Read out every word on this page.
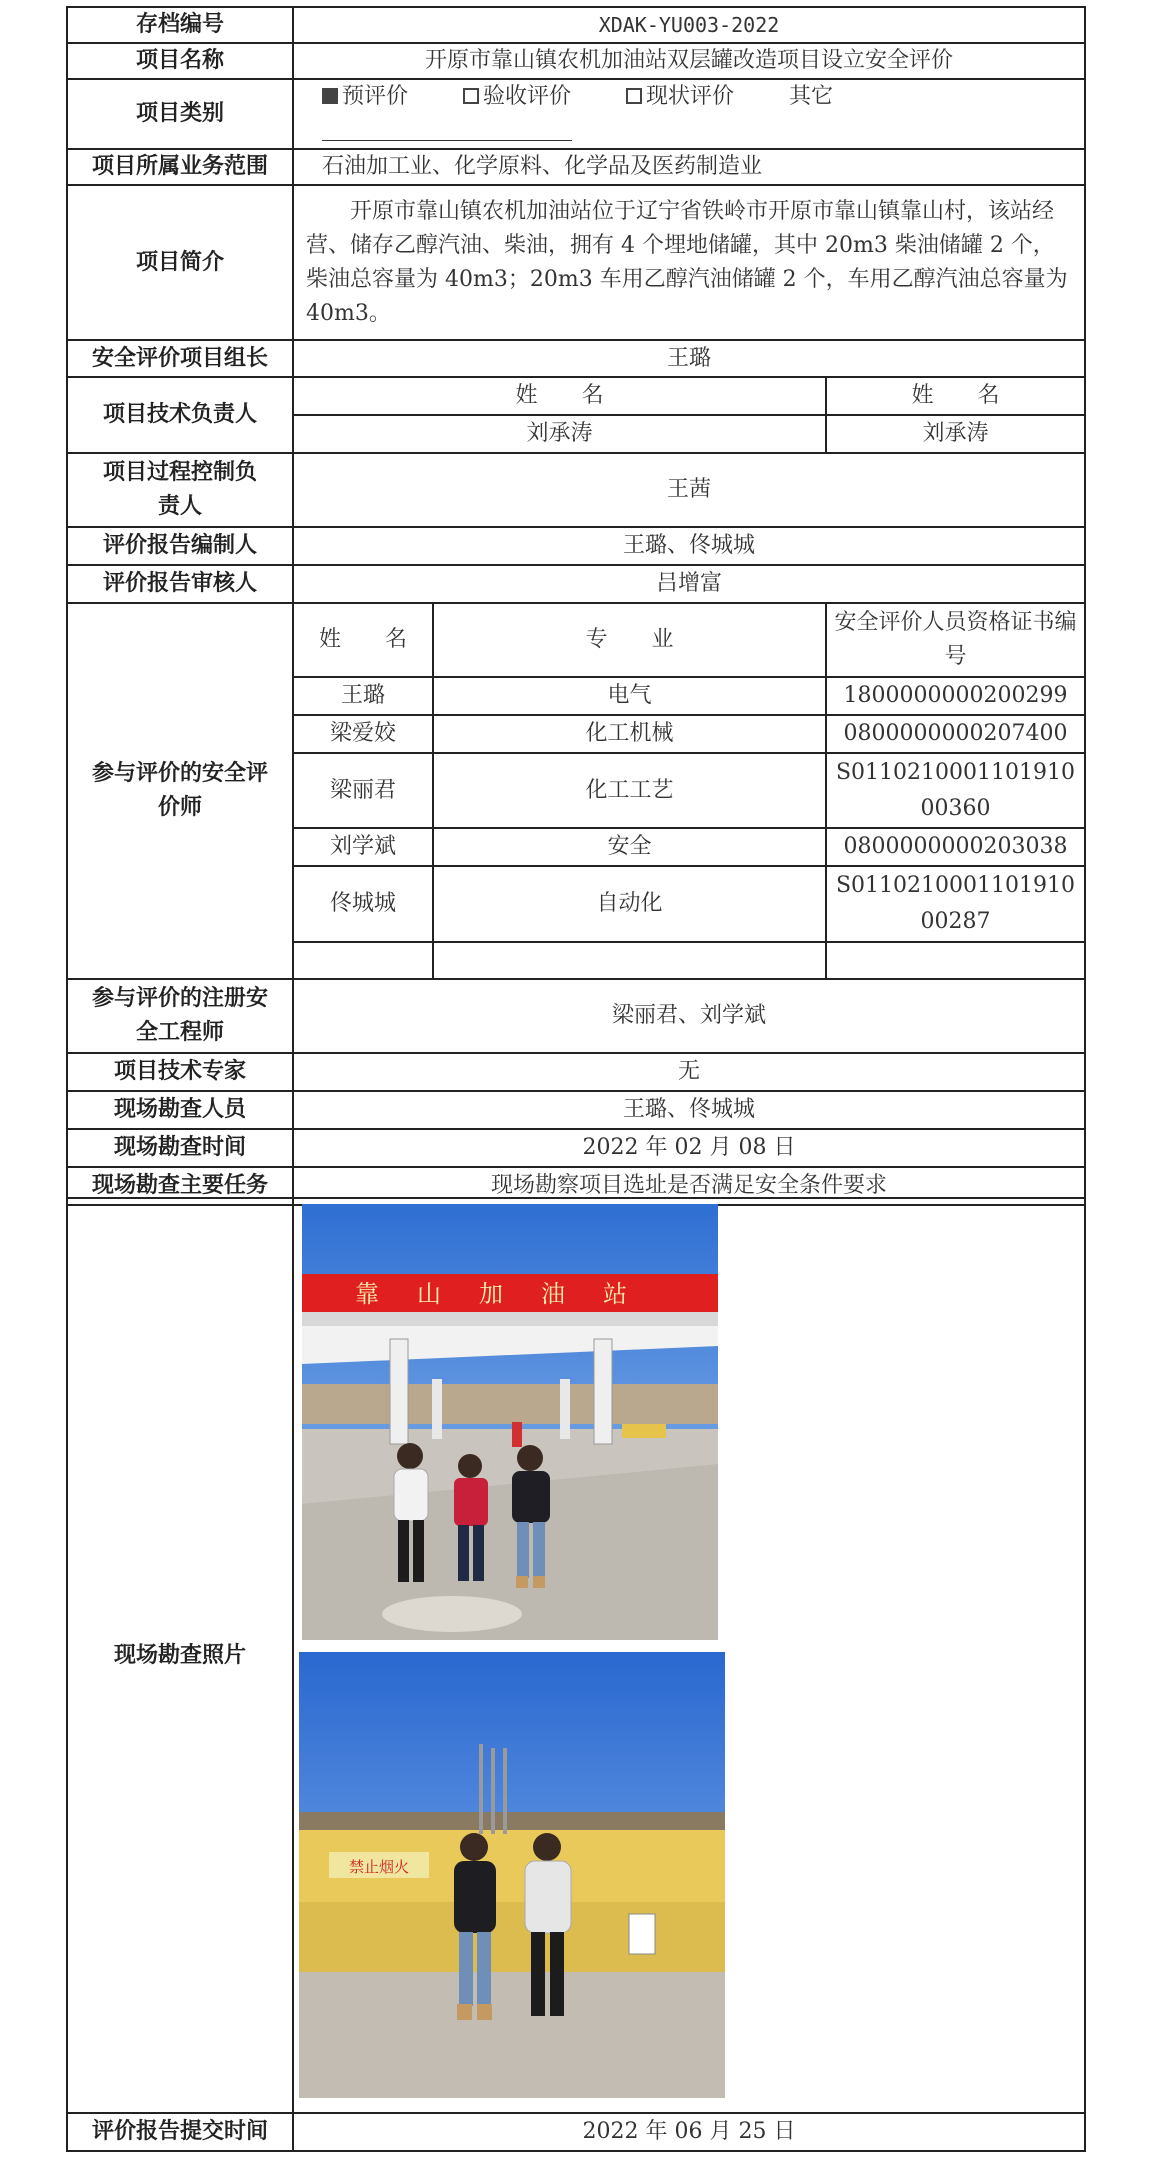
存档编号	XDAK-YU003-2022		
项目名称	开原市靠山镇农机加油站双层罐改造项目设立安全评价		
项目类别	预评价 验收评价 现状评价 其它		
项目所属业务范围	石油加工业、化学原料、化学品及医药制造业		
项目简介	开原市靠山镇农机加油站位于辽宁省铁岭市开原市靠山镇靠山村，该站经营、储存乙醇汽油、柴油，拥有 4 个埋地储罐，其中 20m3 柴油储罐 2 个，柴油总容量为 40m3；20m3 车用乙醇汽油储罐 2 个，车用乙醇汽油总容量为 40m3。		
安全评价项目组长	王璐		
项目技术负责人	姓　　名		姓　　名
	刘承涛		刘承涛
项目过程控制负责人	王茜		
评价报告编制人	王璐、佟城城		
评价报告审核人	吕增富		
参与评价的安全评价师	姓　　名	专　　业	安全评价人员资格证书编号
	王璐	电气	1800000000200299
	梁爱姣	化工机械	0800000000207400
	梁丽君	化工工艺	S011021000110191000360
	刘学斌	安全	0800000000203038
	佟城城	自动化	S011021000110191000287

参与评价的注册安全工程师	梁丽君、刘学斌		
项目技术专家	无		
现场勘查人员	王璐、佟城城		
现场勘查时间	2022 年 02 月 08 日		
现场勘查主要任务	现场勘察项目选址是否满足安全条件要求		
现场勘查照片	
评价报告提交时间	2022 年 06 月 25 日
靠山加油站
禁止烟火
